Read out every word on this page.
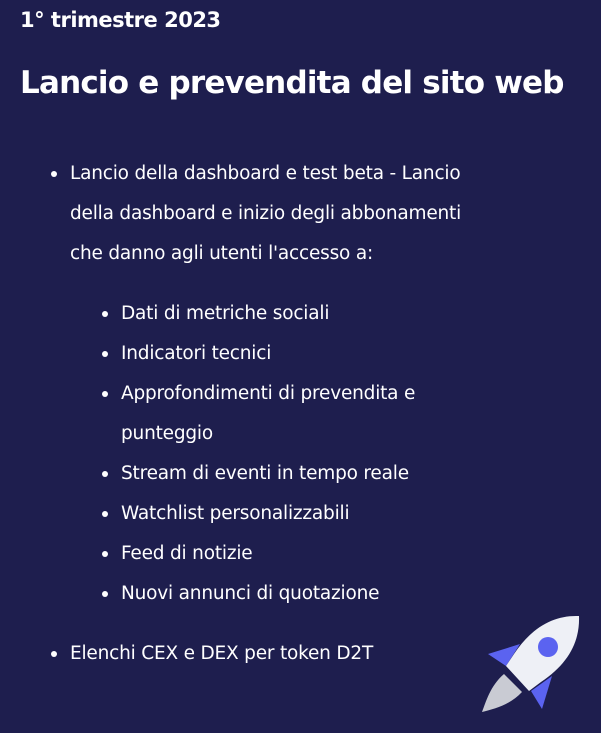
1° trimestre 2023
Lancio e prevendita del sito web
Lancio della dashboard e test beta - Lancio della dashboard e inizio degli abbonamenti che danno agli utenti l'accesso a:
Dati di metriche sociali
Indicatori tecnici
Approfondimenti di prevendita e punteggio
Stream di eventi in tempo reale
Watchlist personalizzabili
Feed di notizie
Nuovi annunci di quotazione
Elenchi CEX e DEX per token D2T
